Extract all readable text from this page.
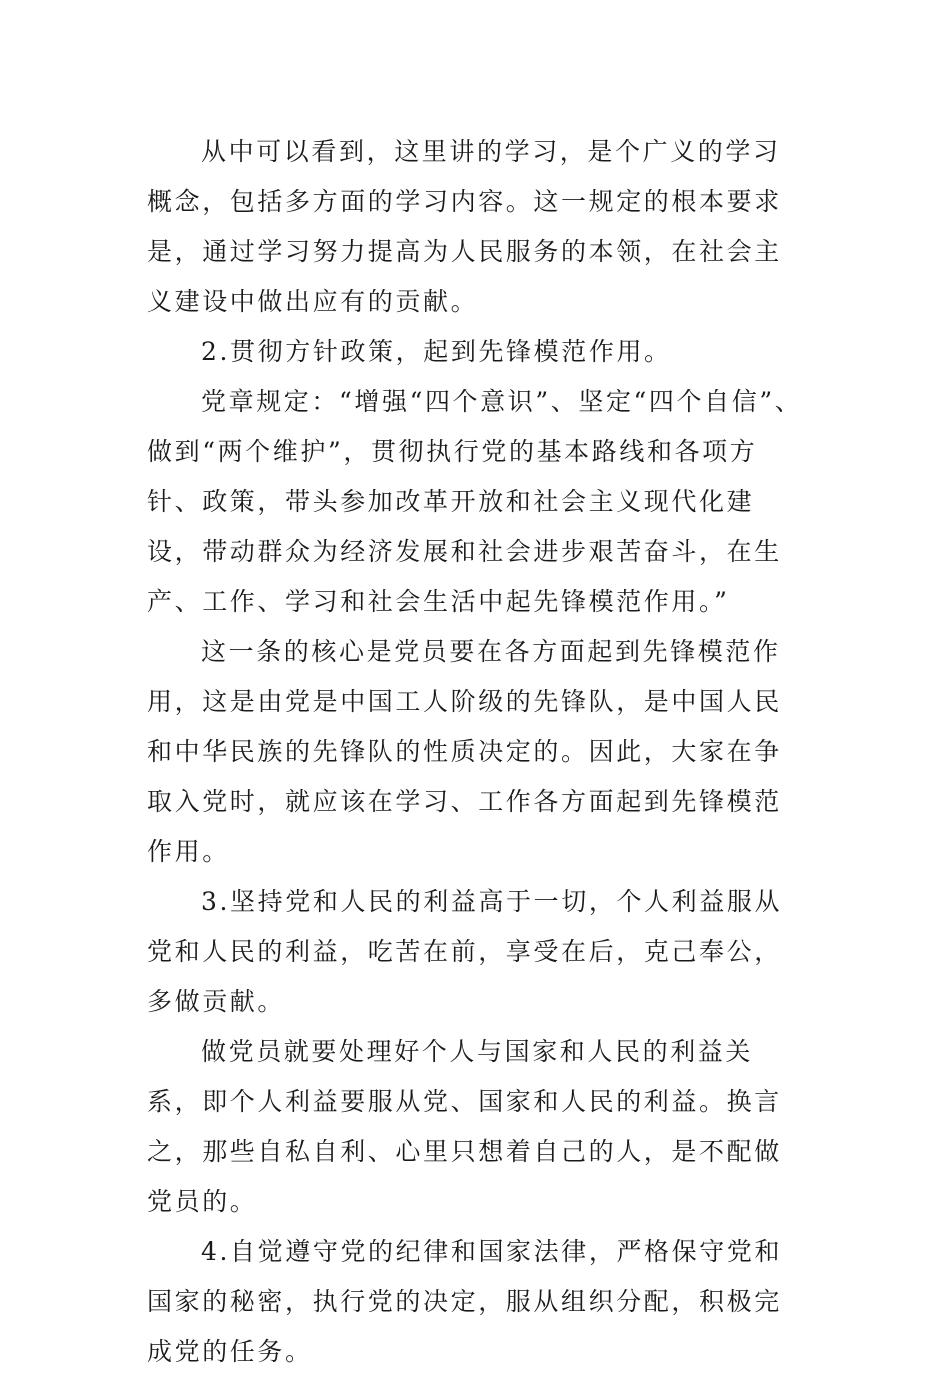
从中可以看到，这里讲的学习，是个广义的学习概念，包括多方面的学习内容。这一规定的根本要求是，通过学习努力提高为人民服务的本领，在社会主义建设中做出应有的贡献。

2.贯彻方针政策，起到先锋模范作用。

党章规定：“增强“四个意识”、坚定“四个自信”、做到“两个维护”，贯彻执行党的基本路线和各项方针、政策，带头参加改革开放和社会主义现代化建设，带动群众为经济发展和社会进步艰苦奋斗，在生产、工作、学习和社会生活中起先锋模范作用。”

这一条的核心是党员要在各方面起到先锋模范作用，这是由党是中国工人阶级的先锋队，是中国人民和中华民族的先锋队的性质决定的。因此，大家在争取入党时，就应该在学习、工作各方面起到先锋模范作用。

3.坚持党和人民的利益高于一切，个人利益服从党和人民的利益，吃苦在前，享受在后，克己奉公，多做贡献。

做党员就要处理好个人与国家和人民的利益关系，即个人利益要服从党、国家和人民的利益。换言之，那些自私自利、心里只想着自己的人，是不配做党员的。

4.自觉遵守党的纪律和国家法律，严格保守党和国家的秘密，执行党的决定，服从组织分配，积极完成党的任务。
